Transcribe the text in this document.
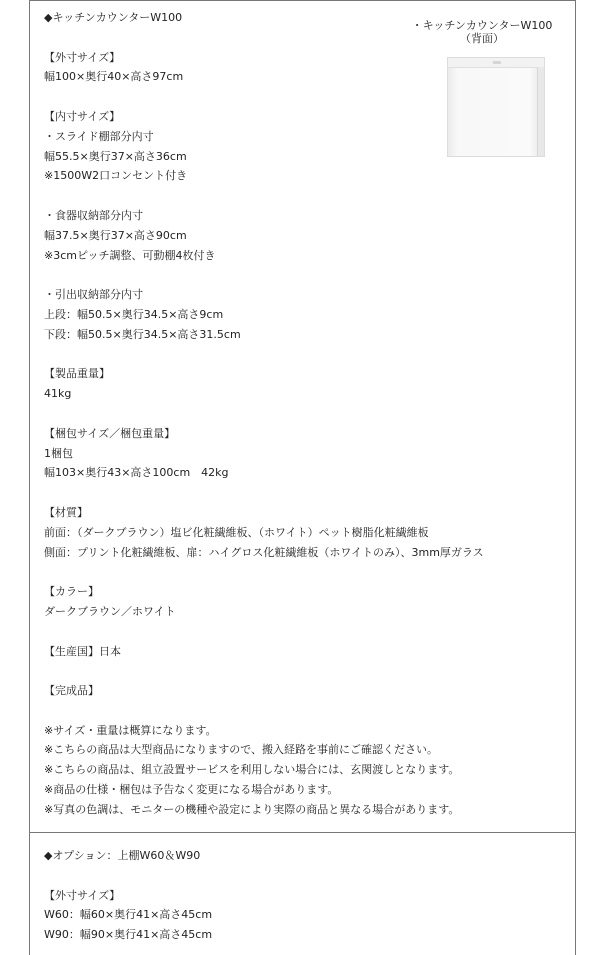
◆キッチンカウンターW100
【外寸サイズ】
幅100×奥行40×高さ97cm
【内寸サイズ】
・スライド棚部分内寸
幅55.5×奥行37×高さ36cm
※1500W2口コンセント付き
・食器収納部分内寸
幅37.5×奥行37×高さ90cm
※3cmピッチ調整、可動棚4枚付き
・引出収納部分内寸
上段：幅50.5×奥行34.5×高さ9cm
下段：幅50.5×奥行34.5×高さ31.5cm
【製品重量】
41kg
【梱包サイズ／梱包重量】
1梱包
幅103×奥行43×高さ100cm　42kg
【材質】
前面：（ダークブラウン）塩ビ化粧繊維板、（ホワイト）ペット樹脂化粧繊維板
側面：プリント化粧繊維板、扉：ハイグロス化粧繊維板（ホワイトのみ）、3mm厚ガラス
【カラー】
ダークブラウン／ホワイト
【生産国】日本
【完成品】
※サイズ・重量は概算になります。
※こちらの商品は大型商品になりますので、搬入経路を事前にご確認ください。
※こちらの商品は、組立設置サービスを利用しない場合には、玄関渡しとなります。
※商品の仕様・梱包は予告なく変更になる場合があります。
※写真の色調は、モニターの機種や設定により実際の商品と異なる場合があります。
・キッチンカウンターW100
（背面）
◆オプション：上棚W60＆W90
【外寸サイズ】
W60：幅60×奥行41×高さ45cm
W90：幅90×奥行41×高さ45cm
